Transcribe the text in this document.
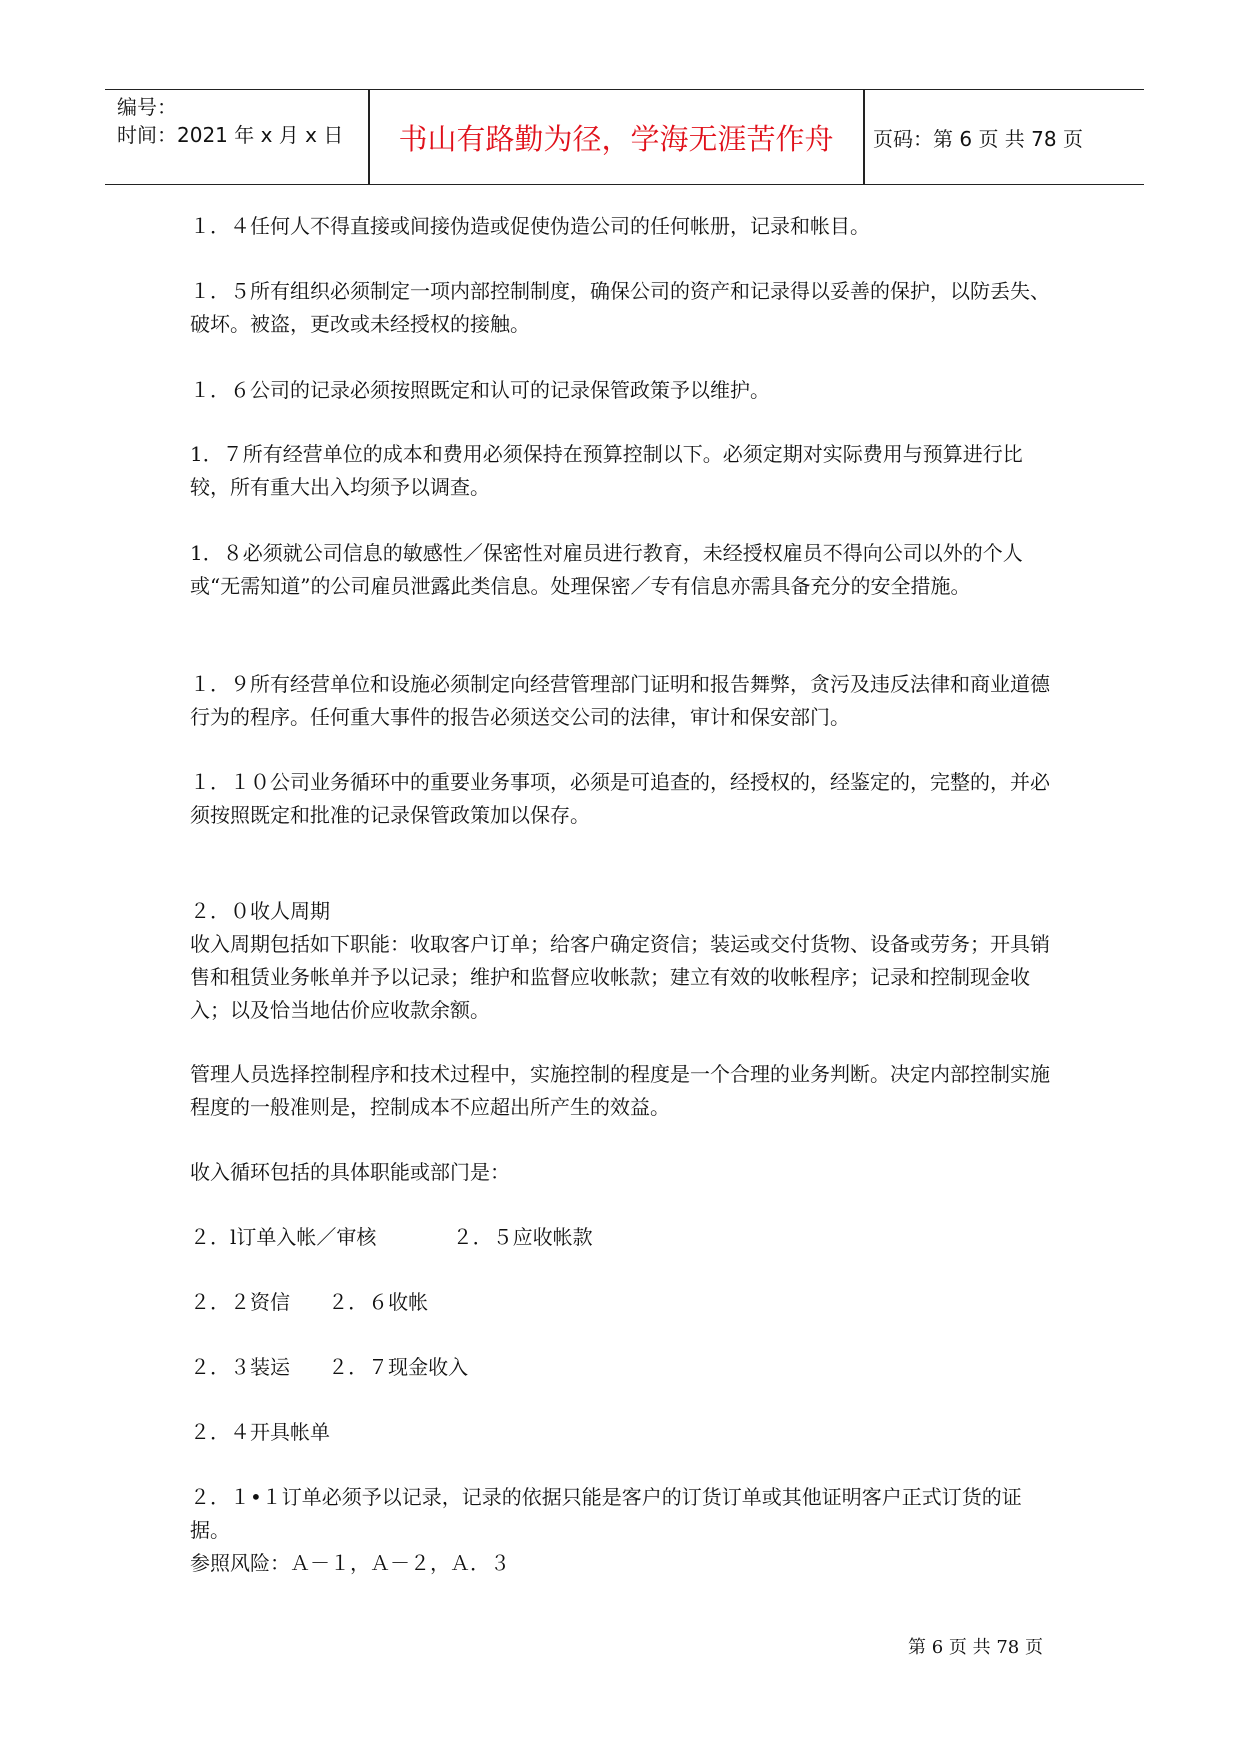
编号：
时间：2021 年 x 月 x 日	书山有路勤为径，学海无涯苦作舟	页码：第 6 页 共 78 页

１．４任何人不得直接或间接伪造或促使伪造公司的任何帐册，记录和帐目。

１．５所有组织必须制定一项内部控制制度，确保公司的资产和记录得以妥善的保护，以防丢失、破坏。被盗，更改或未经授权的接触。

１．６公司的记录必须按照既定和认可的记录保管政策予以维护。

1．７所有经营单位的成本和费用必须保持在预算控制以下。必须定期对实际费用与预算进行比较，所有重大出入均须予以调查。

1．８必须就公司信息的敏感性／保密性对雇员进行教育，未经授权雇员不得向公司以外的个人或“无需知道”的公司雇员泄露此类信息。处理保密／专有信息亦需具备充分的安全措施。

１．９所有经营单位和设施必须制定向经营管理部门证明和报告舞弊，贪污及违反法律和商业道德行为的程序。任何重大事件的报告必须送交公司的法律，审计和保安部门。

１．１０公司业务循环中的重要业务事项，必须是可追查的，经授权的，经鉴定的，完整的，并必须按照既定和批准的记录保管政策加以保存。

２．０收人周期

收入周期包括如下职能：收取客户订单；给客户确定资信；装运或交付货物、设备或劳务；开具销售和租赁业务帐单并予以记录；维护和监督应收帐款；建立有效的收帐程序；记录和控制现金收入；以及恰当地估价应收款余额。

管理人员选择控制程序和技术过程中，实施控制的程度是一个合理的业务判断。决定内部控制实施程度的一般准则是，控制成本不应超出所产生的效益。

收入循环包括的具体职能或部门是：

２．l订单入帐／审核            ２．５应收帐款
２．２资信      ２．６收帐
２．３装运      ２．７现金收入
２．４开具帐单

２．１•１订单必须予以记录，记录的依据只能是客户的订货订单或其他证明客户正式订货的证据。

参照风险：Ａ－１，Ａ－２，Ａ．３

第 6 页 共 78 页
